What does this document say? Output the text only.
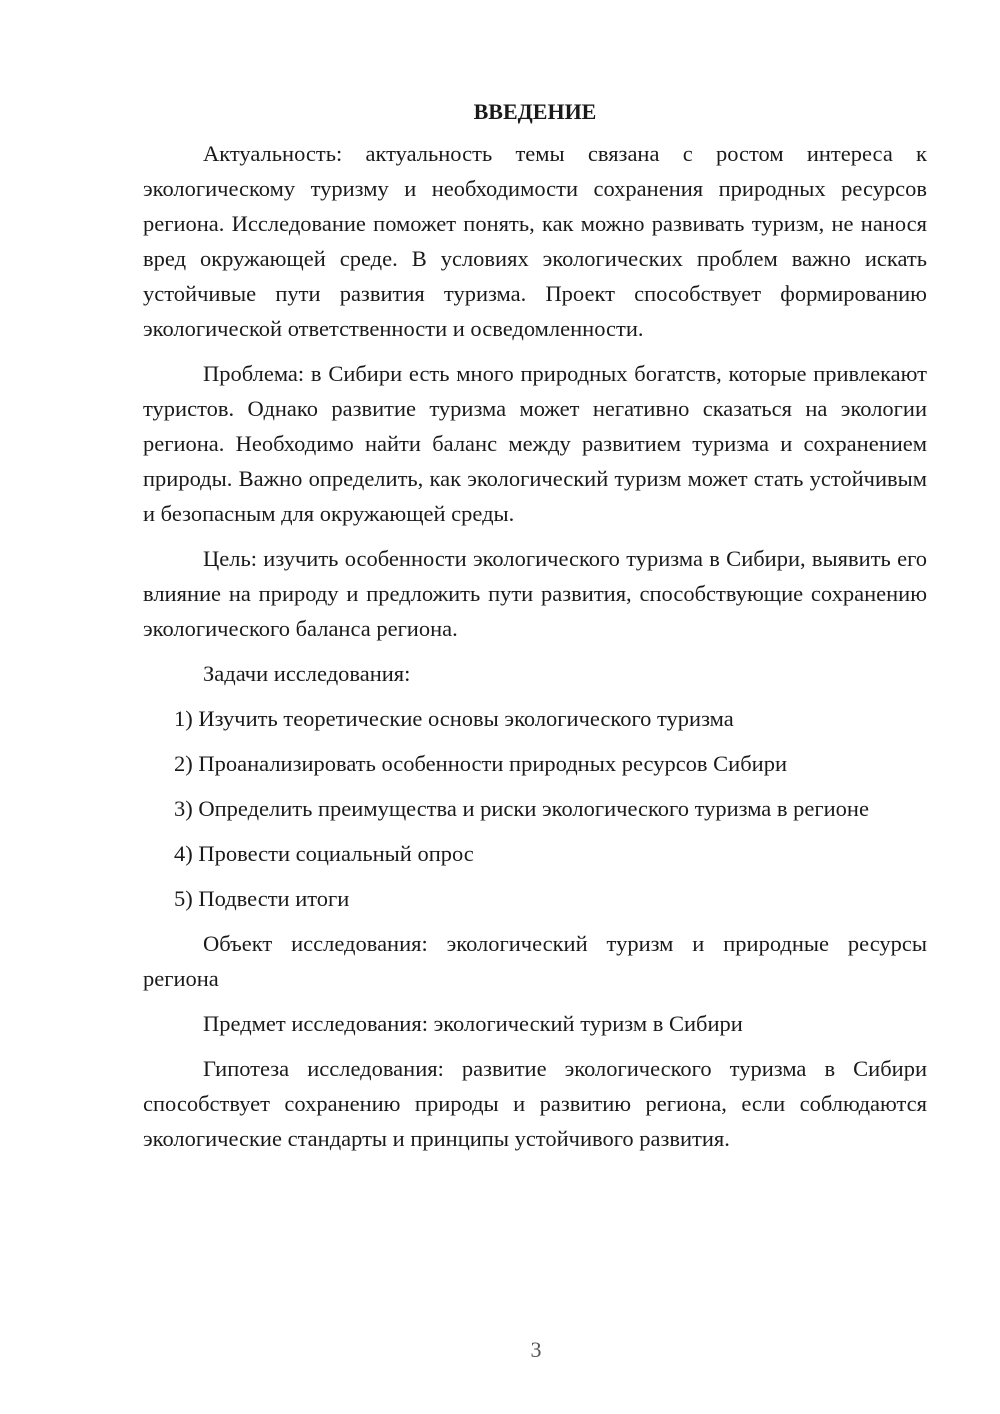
ВВЕДЕНИЕ

Актуальность: актуальность темы связана с ростом интереса к экологическому туризму и необходимости сохранения природных ресурсов региона. Исследование поможет понять, как можно развивать туризм, не нанося вред окружающей среде. В условиях экологических проблем важно искать устойчивые пути развития туризма. Проект способствует формированию экологической ответственности и осведомленности.

Проблема: в Сибири есть много природных богатств, которые привлекают туристов. Однако развитие туризма может негативно сказаться на экологии региона. Необходимо найти баланс между развитием туризма и сохранением природы. Важно определить, как экологический туризм может стать устойчивым и безопасным для окружающей среды.

Цель: изучить особенности экологического туризма в Сибири, выявить его влияние на природу и предложить пути развития, способствующие сохранению экологического баланса региона.

Задачи исследования:

1) Изучить теоретические основы экологического туризма

2) Проанализировать особенности природных ресурсов Сибири

3) Определить преимущества и риски экологического туризма в регионе

4) Провести социальный опрос

5) Подвести итоги

Объект исследования: экологический туризм и природные ресурсы региона

Предмет исследования: экологический туризм в Сибири

Гипотеза исследования: развитие экологического туризма в Сибири способствует сохранению природы и развитию региона, если соблюдаются экологические стандарты и принципы устойчивого развития.

3
